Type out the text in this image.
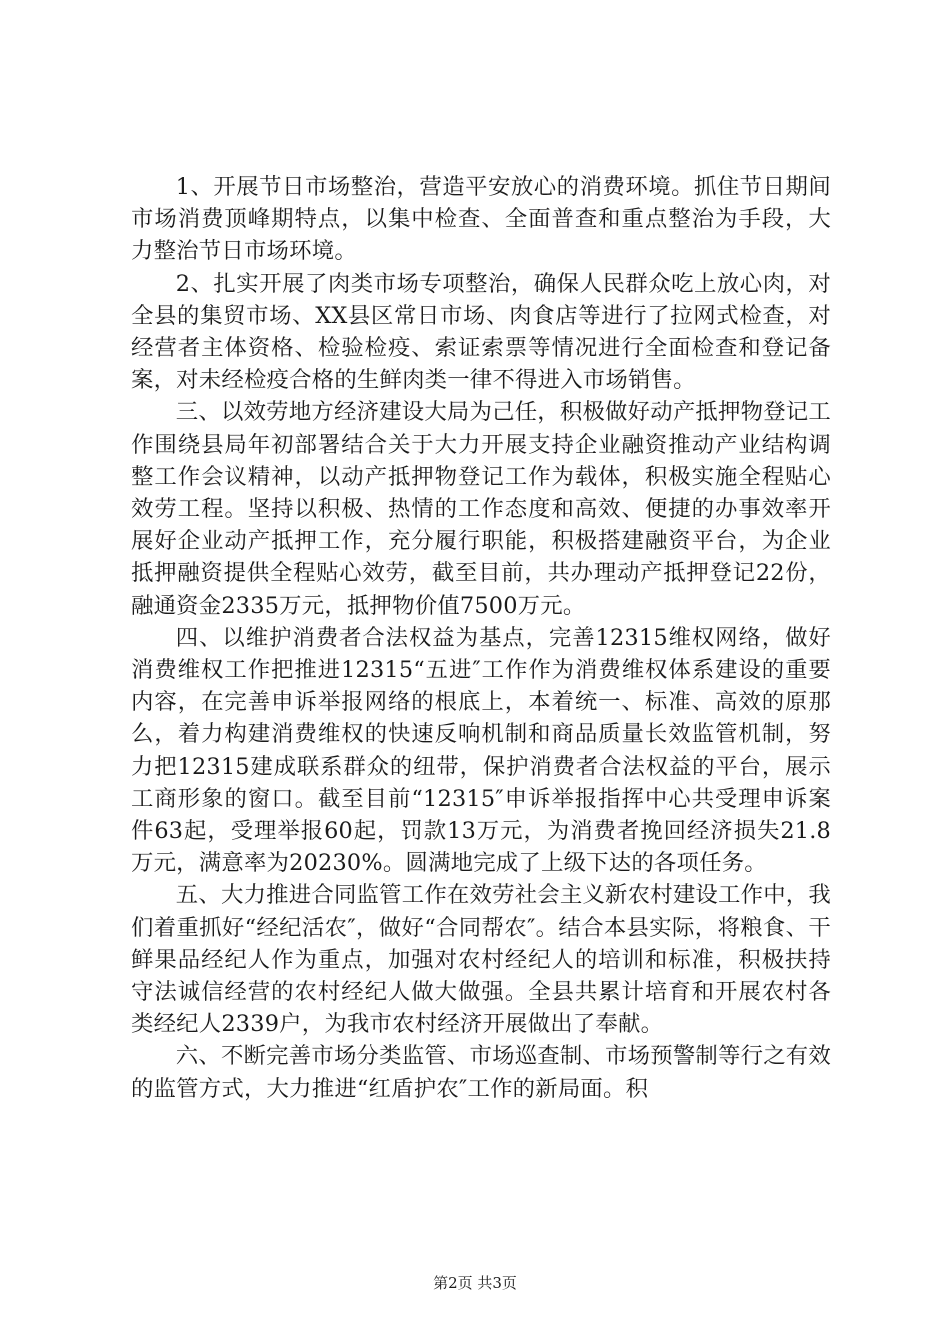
1、开展节日市场整治，营造平安放心的消费环境。抓住节日期间市场消费顶峰期特点，以集中检查、全面普查和重点整治为手段，大力整治节日市场环境。

2、扎实开展了肉类市场专项整治，确保人民群众吃上放心肉，对全县的集贸市场、XX县区常日市场、肉食店等进行了拉网式检查，对经营者主体资格、检验检疫、索证索票等情况进行全面检查和登记备案，对未经检疫合格的生鲜肉类一律不得进入市场销售。

三、以效劳地方经济建设大局为己任，积极做好动产抵押物登记工作围绕县局年初部署结合关于大力开展支持企业融资推动产业结构调整工作会议精神，以动产抵押物登记工作为载体，积极实施全程贴心效劳工程。坚持以积极、热情的工作态度和高效、便捷的办事效率开展好企业动产抵押工作，充分履行职能，积极搭建融资平台，为企业抵押融资提供全程贴心效劳，截至目前，共办理动产抵押登记22份，融通资金2335万元，抵押物价值7500万元。

四、以维护消费者合法权益为基点，完善12315维权网络，做好消费维权工作把推进12315“五进″工作作为消费维权体系建设的重要内容，在完善申诉举报网络的根底上，本着统一、标准、高效的原那么，着力构建消费维权的快速反响机制和商品质量长效监管机制，努力把12315建成联系群众的纽带，保护消费者合法权益的平台，展示工商形象的窗口。截至目前“12315″申诉举报指挥中心共受理申诉案件63起，受理举报60起，罚款13万元，为消费者挽回经济损失21.8万元，满意率为20230%。圆满地完成了上级下达的各项任务。

五、大力推进合同监管工作在效劳社会主义新农村建设工作中，我们着重抓好“经纪活农″，做好“合同帮农″。结合本县实际，将粮食、干鲜果品经纪人作为重点，加强对农村经纪人的培训和标准，积极扶持守法诚信经营的农村经纪人做大做强。全县共累计培育和开展农村各类经纪人2339户，为我市农村经济开展做出了奉献。

六、不断完善市场分类监管、市场巡查制、市场预警制等行之有效的监管方式，大力推进“红盾护农″工作的新局面。积

第2页 共3页
